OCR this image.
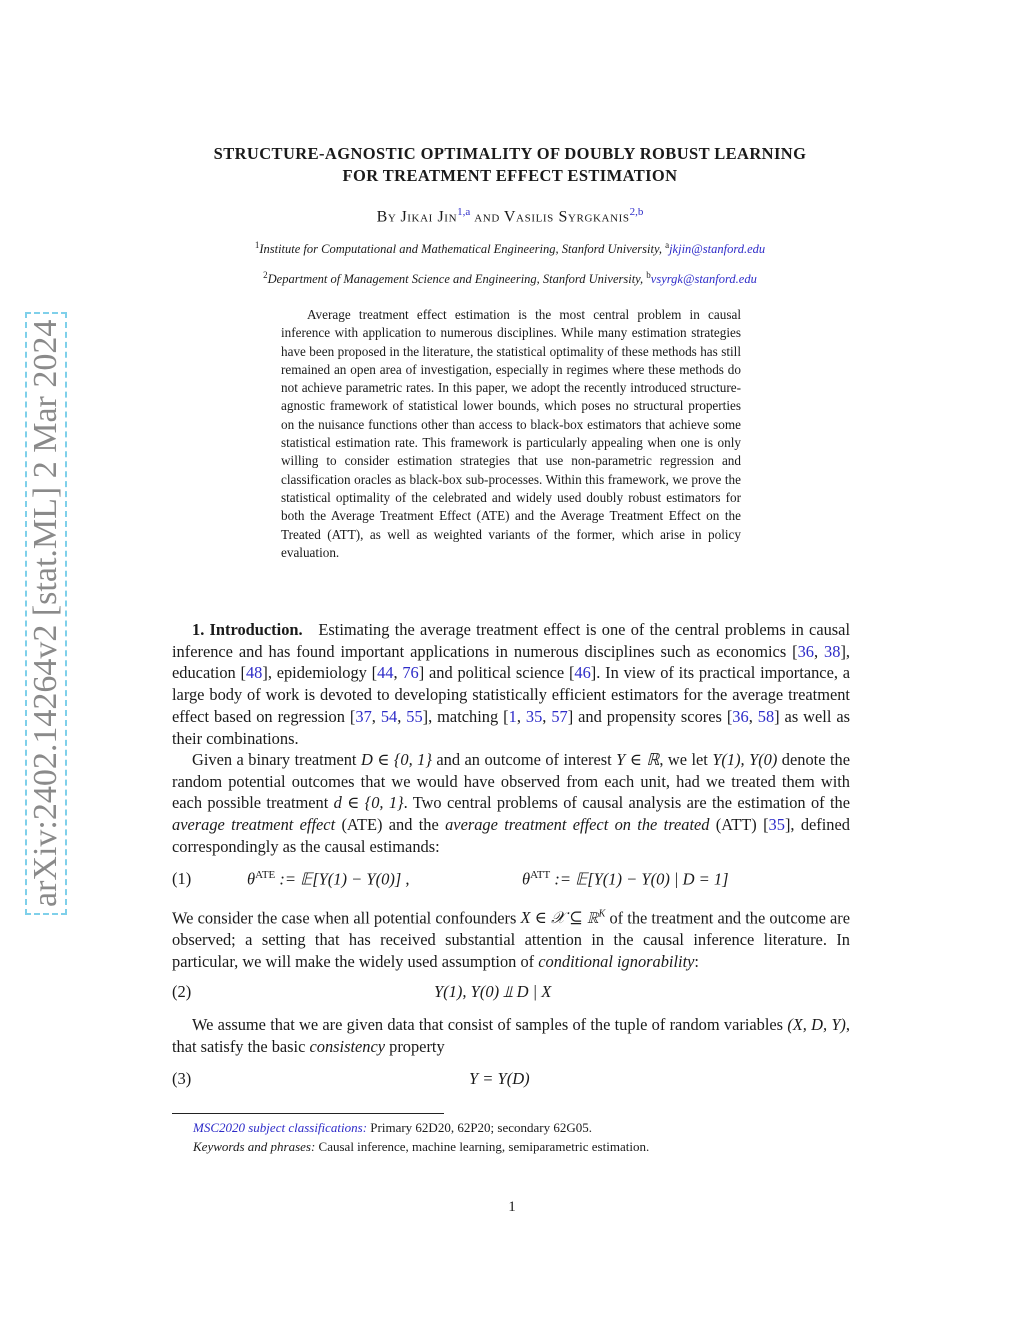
arXiv:2402.14264v2 [stat.ML] 2 Mar 2024
STRUCTURE-AGNOSTIC OPTIMALITY OF DOUBLY ROBUST LEARNING
FOR TREATMENT EFFECT ESTIMATION
By Jikai Jin$^{1,a}$ and Vasilis Syrgkanis$^{2,b}$
$^1$Institute for Computational and Mathematical Engineering, Stanford University, $^a$jkjin@stanford.edu
$^2$Department of Management Science and Engineering, Stanford University, $^b$vsyrgk@stanford.edu

Average treatment effect estimation is the most central problem in causal inference with application to numerous disciplines. While many estimation strategies have been proposed in the literature, the statistical optimality of these methods has still remained an open area of investigation, especially in regimes where these methods do not achieve parametric rates. In this paper, we adopt the recently introduced structure-agnostic framework of statistical lower bounds, which poses no structural properties on the nuisance functions other than access to black-box estimators that achieve some statistical estimation rate. This framework is particularly appealing when one is only willing to consider estimation strategies that use non-parametric regression and classification oracles as black-box sub-processes. Within this framework, we prove the statistical optimality of the celebrated and widely used doubly robust estimators for both the Average Treatment Effect (ATE) and the Average Treatment Effect on the Treated (ATT), as well as weighted variants of the former, which arise in policy evaluation.

1. Introduction. Estimating the average treatment effect is one of the central problems in causal inference and has found important applications in numerous disciplines such as economics [36, 38], education [48], epidemiology [44, 76] and political science [46]. In view of its practical importance, a large body of work is devoted to developing statistically efficient estimators for the average treatment effect based on regression [37, 54, 55], matching [1, 35, 57] and propensity scores [36, 58] as well as their combinations.

Given a binary treatment D ∈ {0, 1} and an outcome of interest Y ∈ ℝ, we let Y(1), Y(0) denote the random potential outcomes that we would have observed from each unit, had we treated them with each possible treatment d ∈ {0, 1}. Two central problems of causal analysis are the estimation of the average treatment effect (ATE) and the average treatment effect on the treated (ATT) [35], defined correspondingly as the causal estimands:

(1)	$\theta^{ATE}$ := 𝔼[Y(1) − Y(0)] ,	$\theta^{ATT}$ := 𝔼[Y(1) − Y(0) | D = 1]

We consider the case when all potential confounders X ∈ 𝒳 ⊆ ℝ$^K$ of the treatment and the outcome are observed; a setting that has received substantial attention in the causal inference literature. In particular, we will make the widely used assumption of conditional ignorability:

(2)	Y(1), Y(0) ⫫ D | X

We assume that we are given data that consist of samples of the tuple of random variables (X, D, Y), that satisfy the basic consistency property

(3)	Y = Y(D)
MSC2020 subject classifications: Primary 62D20, 62P20; secondary 62G05.
Keywords and phrases: Causal inference, machine learning, semiparametric estimation.
1
